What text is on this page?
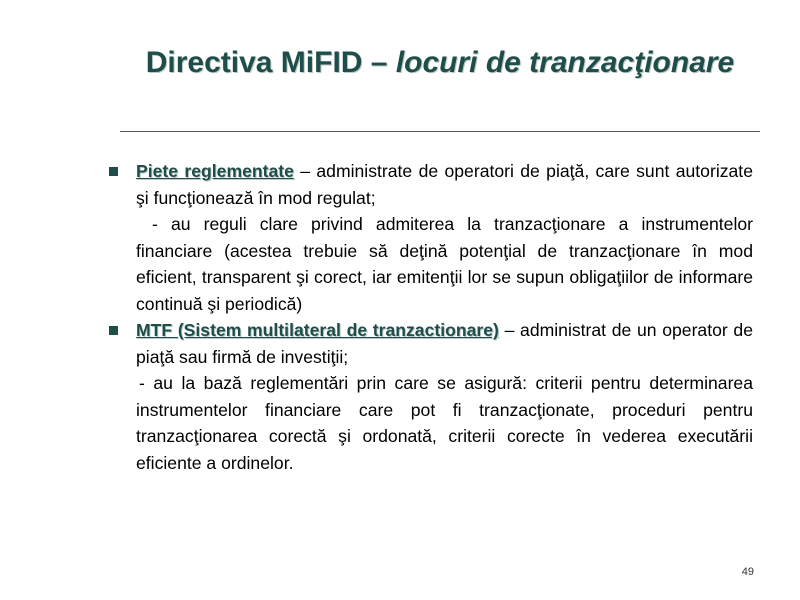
Directiva MiFID – locuri de tranzacţionare
Piete reglementate – administrate de operatori de piaţă, care sunt autorizate şi funcţionează în mod regulat;
- au reguli clare privind admiterea la tranzacţionare a instrumentelor financiare (acestea trebuie să deţină potenţial de tranzacţionare în mod eficient, transparent şi corect, iar emitenţii lor se supun obligaţiilor de informare continuă şi periodică)
MTF (Sistem multilateral de tranzactionare) – administrat de un operator de piaţă sau firmă de investiţii;
- au la bază reglementări prin care se asigură: criterii pentru determinarea instrumentelor financiare care pot fi tranzacţionate, proceduri pentru tranzacţionarea corectă şi ordonată, criterii corecte în vederea executării eficiente a ordinelor.
49
